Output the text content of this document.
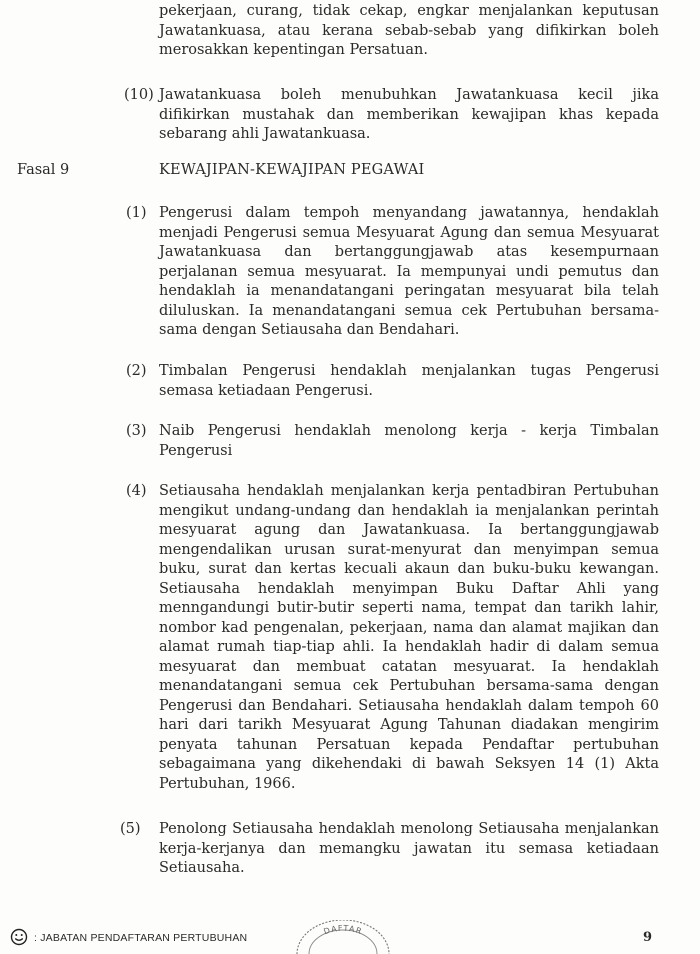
pekerjaan, curang, tidak cekap, engkar menjalankan keputusan Jawatankuasa, atau kerana sebab-sebab yang difikirkan boleh merosakkan kepentingan Persatuan.

(10) Jawatankuasa boleh menubuhkan Jawatankuasa kecil jika difikirkan mustahak dan memberikan kewajipan khas kepada sebarang ahli Jawatankuasa.

Fasal 9	KEWAJIPAN-KEWAJIPAN PEGAWAI
(1) Pengerusi dalam tempoh menyandang jawatannya, hendaklah menjadi Pengerusi semua Mesyuarat Agung dan semua Mesyuarat Jawatankuasa dan bertanggungjawab atas kesempurnaan perjalanan semua mesyuarat. Ia mempunyai undi pemutus dan hendaklah ia menandatangani peringatan mesyuarat bila telah diluluskan. Ia menandatangani semua cek Pertubuhan bersama-sama dengan Setiausaha dan Bendahari.

(2) Timbalan Pengerusi hendaklah menjalankan tugas Pengerusi semasa ketiadaan Pengerusi.

(3) Naib Pengerusi hendaklah menolong kerja - kerja Timbalan Pengerusi

(4) Setiausaha hendaklah menjalankan kerja pentadbiran Pertubuhan mengikut undang-undang dan hendaklah ia menjalankan perintah mesyuarat agung dan Jawatankuasa. Ia bertanggungjawab mengendalikan urusan surat-menyurat dan menyimpan semua buku, surat dan kertas kecuali akaun dan buku-buku kewangan. Setiausaha hendaklah menyimpan Buku Daftar Ahli yang menngandungi butir-butir seperti nama, tempat dan tarikh lahir, nombor kad pengenalan, pekerjaan, nama dan alamat majikan dan alamat rumah tiap-tiap ahli. Ia hendaklah hadir di dalam semua mesyuarat dan membuat catatan mesyuarat. Ia hendaklah menandatangani semua cek Pertubuhan bersama-sama dengan Pengerusi dan Bendahari. Setiausaha hendaklah dalam tempoh 60 hari dari tarikh Mesyuarat Agung Tahunan diadakan mengirim penyata tahunan Persatuan kepada Pendaftar pertubuhan sebagaimana yang dikehendaki di bawah Seksyen 14 (1) Akta Pertubuhan, 1966.

(5) Penolong Setiausaha hendaklah menolong Setiausaha menjalankan kerja-kerjanya dan memangku jawatan itu semasa ketiadaan Setiausaha.

: JABATAN PENDAFTARAN PERTUBUHAN
DAFTAR	9
